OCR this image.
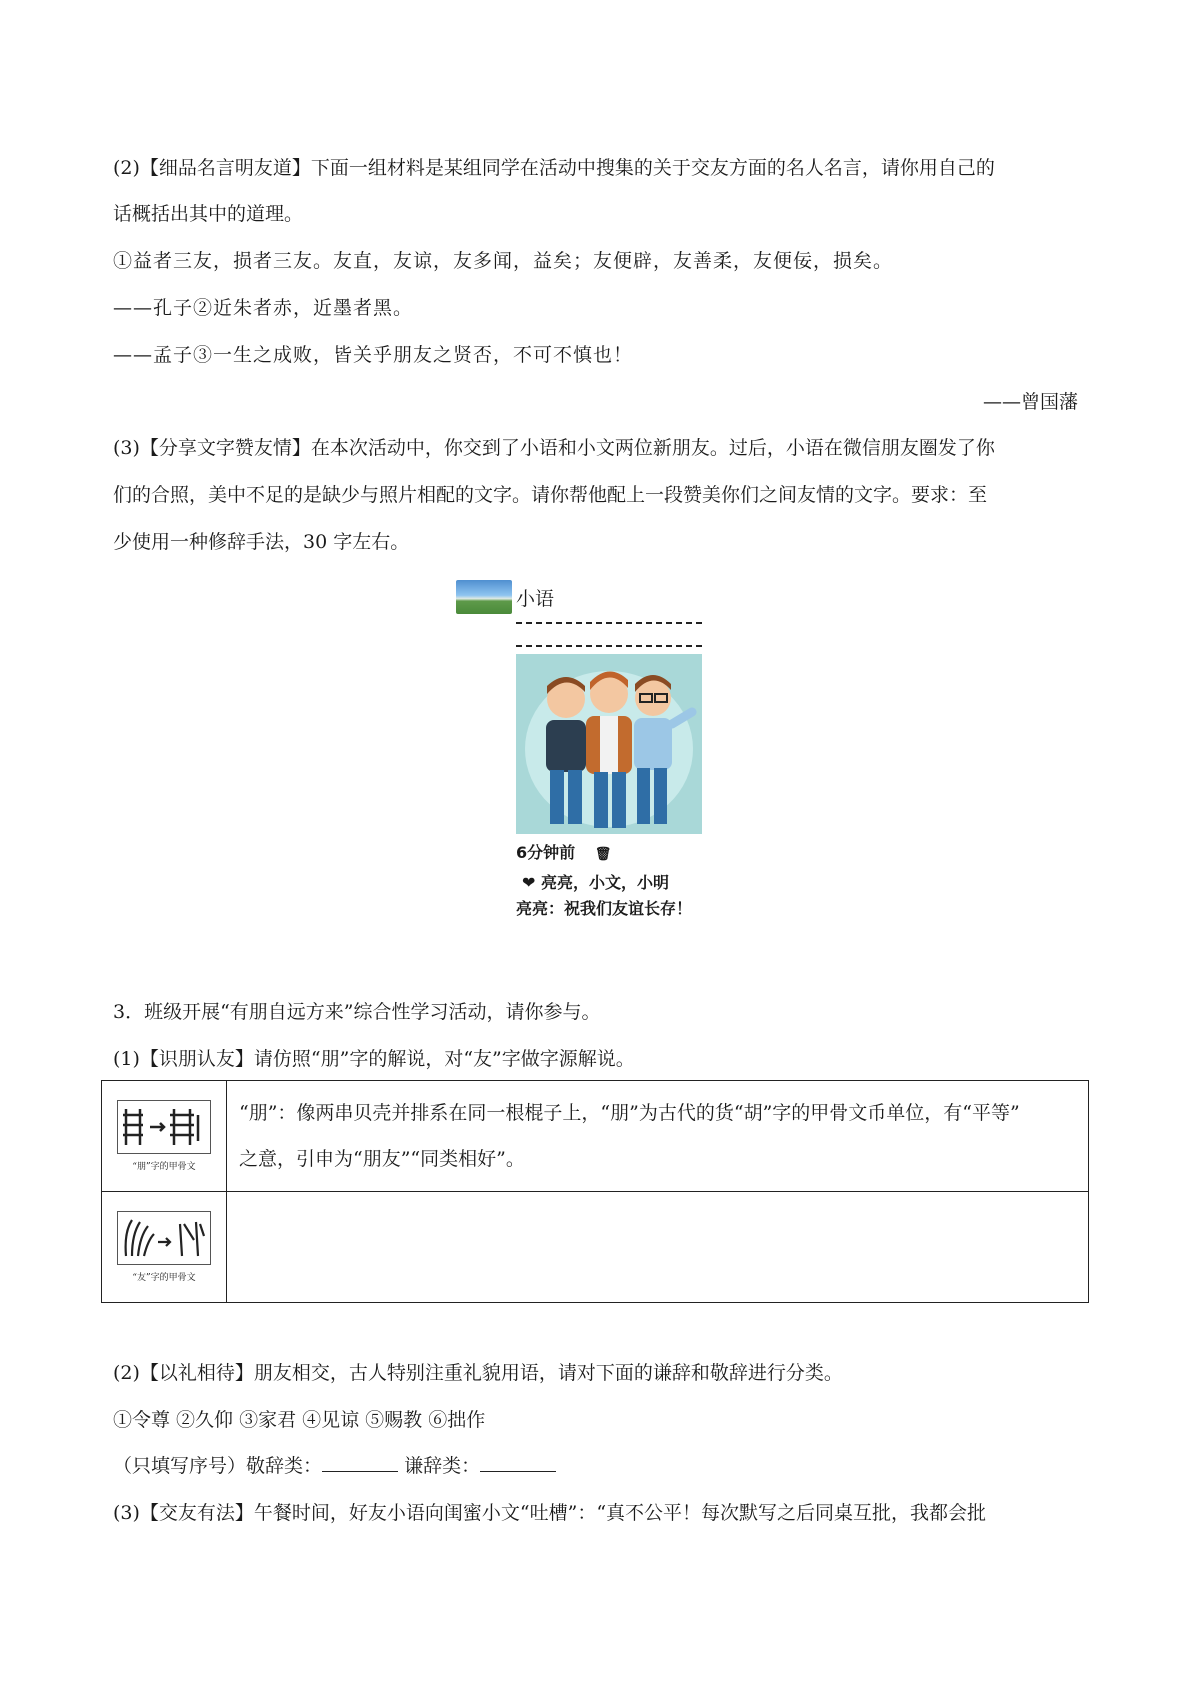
(2)【细品名言明友道】下面一组材料是某组同学在活动中搜集的关于交友方面的名人名言，请你用自己的
话概括出其中的道理。
①益者三友，损者三友。友直，友谅，友多闻，益矣；友便辟，友善柔，友便佞，损矣。
——孔子②近朱者赤，近墨者黑。
——孟子③一生之成败，皆关乎朋友之贤否，不可不慎也！
——曾国藩
(3)【分享文字赞友情】在本次活动中，你交到了小语和小文两位新朋友。过后，小语在微信朋友圈发了你
们的合照，美中不足的是缺少与照片相配的文字。请你帮他配上一段赞美你们之间友情的文字。要求：至
少使用一种修辞手法，30 字左右。
小语
6分钟前 🗑
❤ 亮亮，小文，小明
亮亮：祝我们友谊长存！
3．班级开展“有朋自远方来”综合性学习活动，请你参与。
(1)【识朋认友】请仿照“朋”字的解说，对“友”字做字源解说。
“朋”字的甲骨文	“朋”：像两串贝壳并排系在同一根棍子上，“朋”为古代的货“胡”字的甲骨文币单位，有“平等”
之意，引申为“朋友”“同类相好”。

“友”字的甲骨文	

(2)【以礼相待】朋友相交，古人特别注重礼貌用语，请对下面的谦辞和敬辞进行分类。
①令尊 ②久仰 ③家君 ④见谅 ⑤赐教 ⑥拙作
（只填写序号）敬辞类：	谦辞类：
(3)【交友有法】午餐时间，好友小语向闺蜜小文“吐槽”：“真不公平！每次默写之后同桌互批，我都会批
